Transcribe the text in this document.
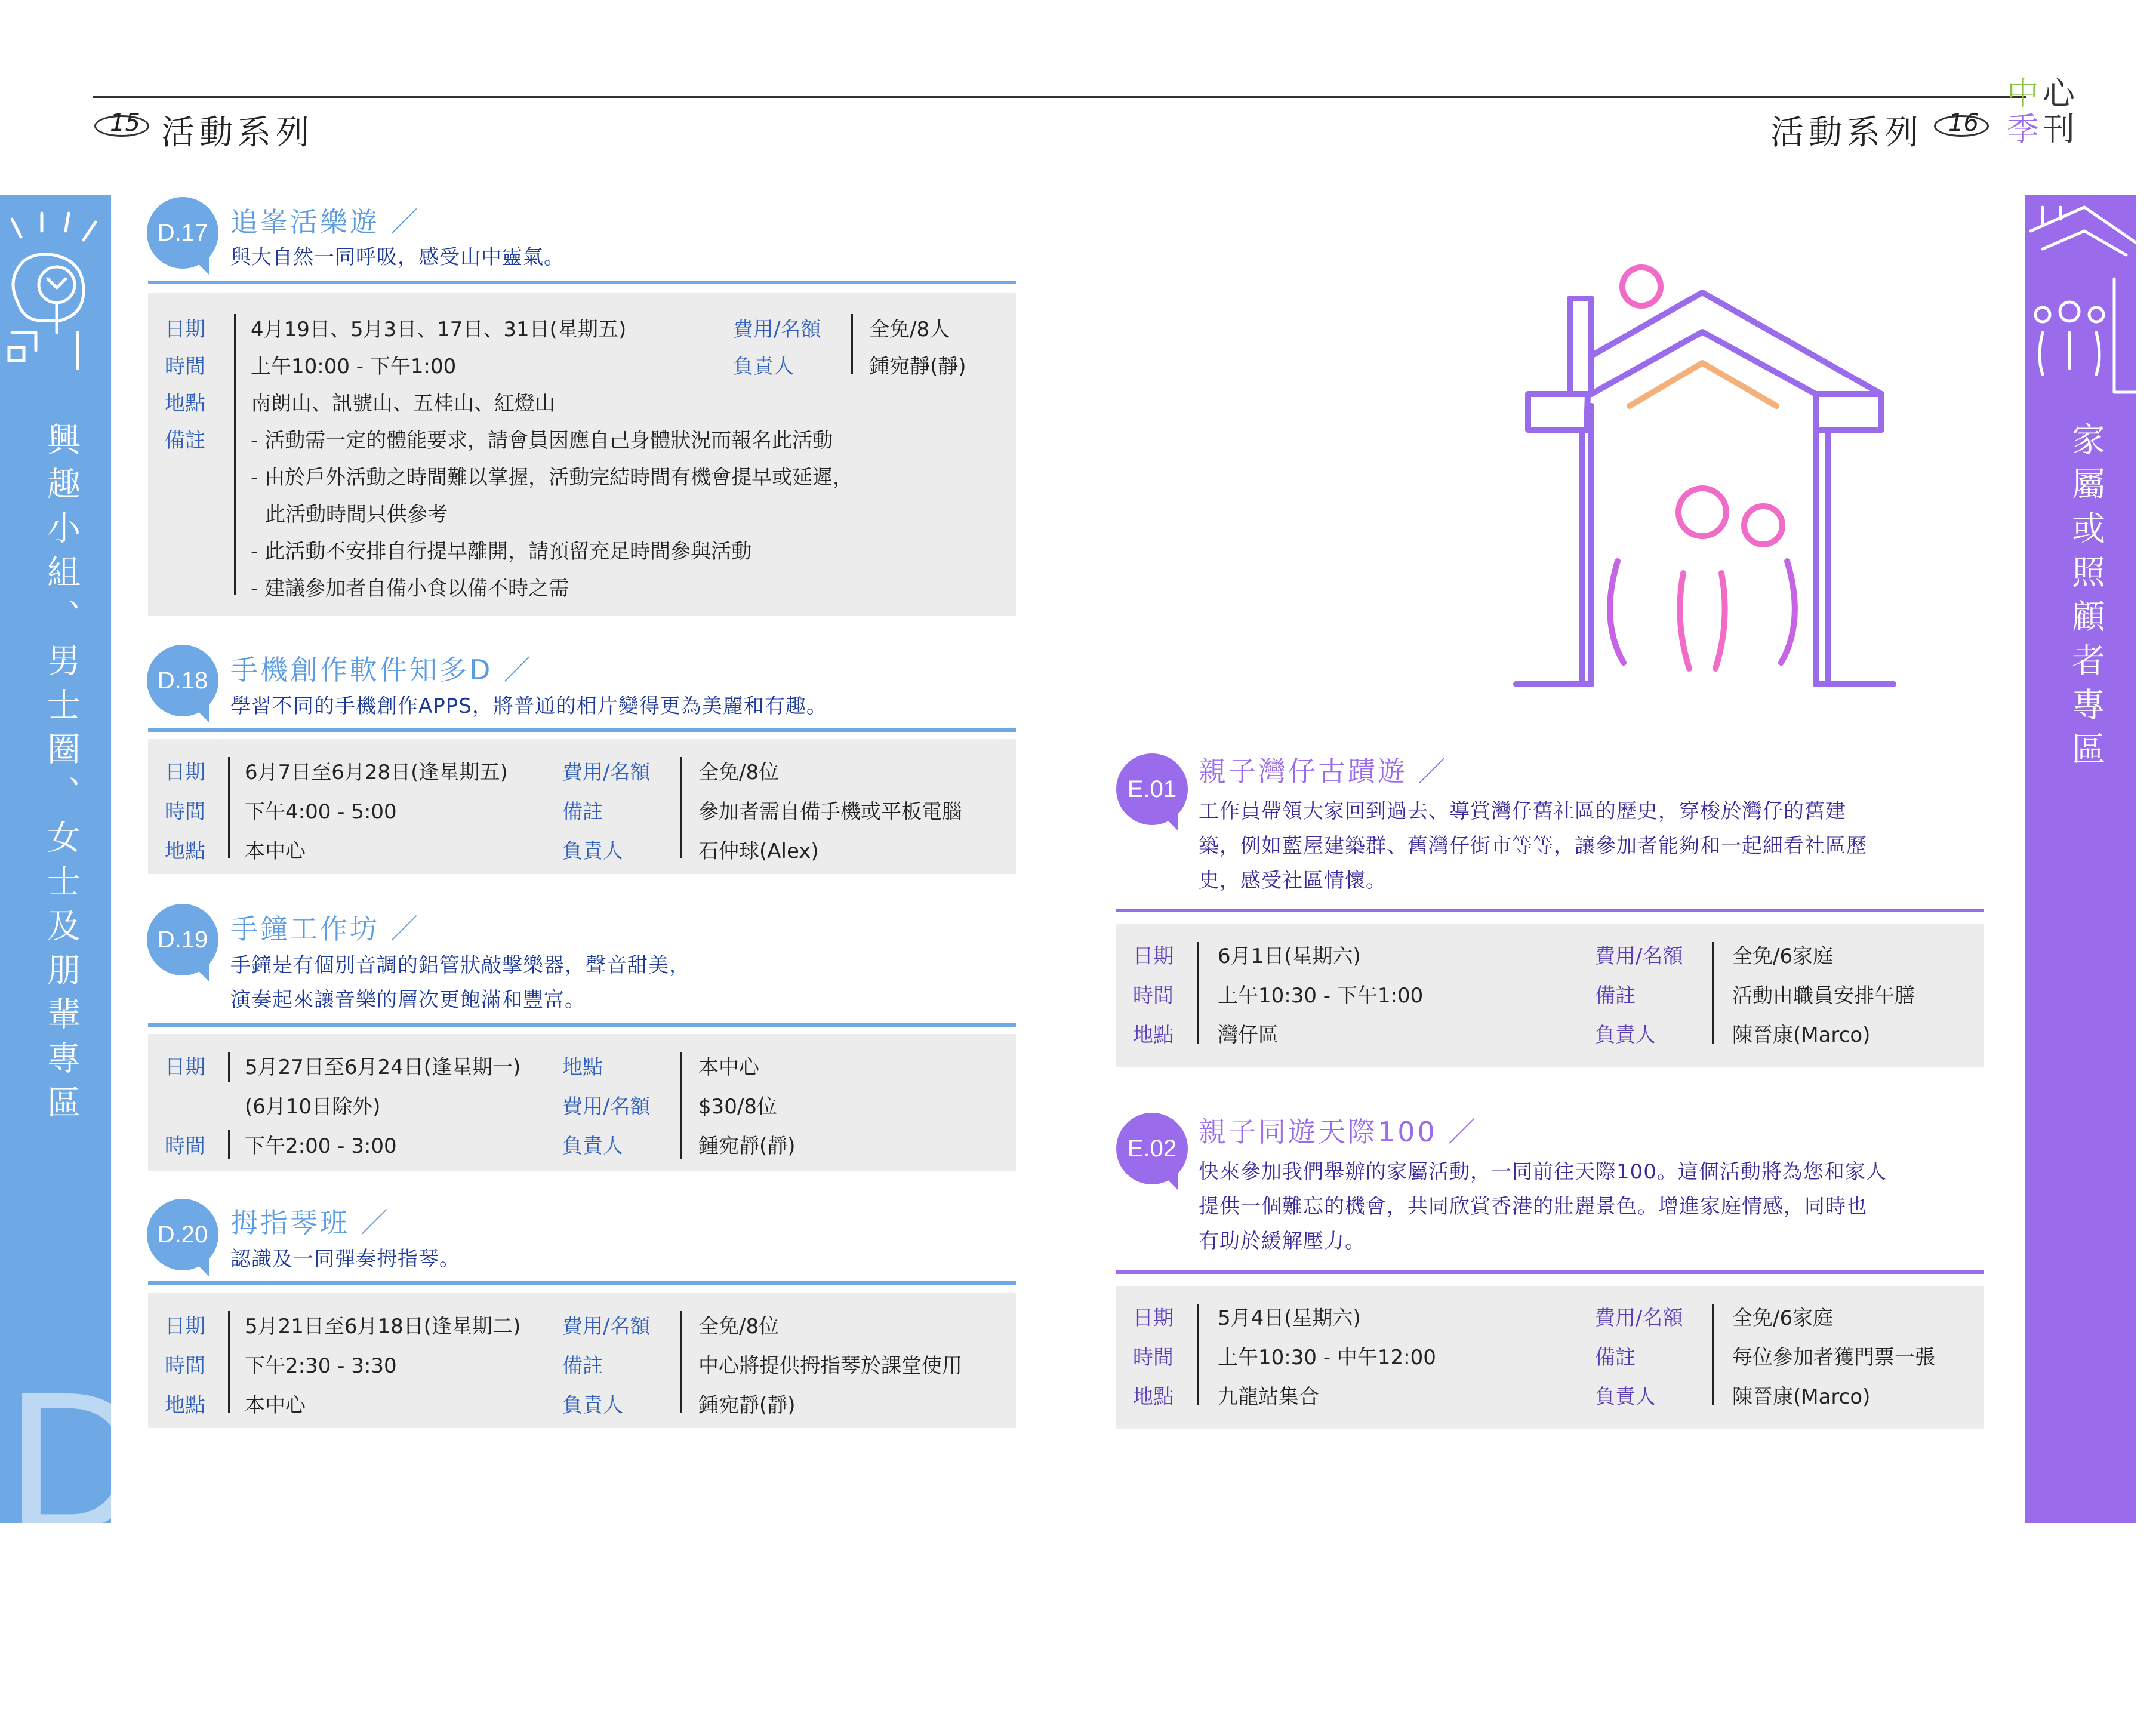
15 活動系列	活動系列 16
中 心
季 刊
興趣小組、男士圈、女士及朋輩專區
D
家屬或照顧者專區
E
D.17 追峯活樂遊 ／
與大自然一同呼吸，感受山中靈氣。
日期
時間
地點
備註
4月19日、5月3日、17日、31日(星期五)
上午10:00 - 下午1:00
南朗山、訊號山、五桂山、紅燈山
- 活動需一定的體能要求，請會員因應自己身體狀況而報名此活動
- 由於戶外活動之時間難以掌握，活動完結時間有機會提早或延遲，
此活動時間只供參考
- 此活動不安排自行提早離開，請預留充足時間參與活動
- 建議參加者自備小食以備不時之需
費用/名額
負責人
全免/8人
鍾宛靜(靜)
D.18 手機創作軟件知多D ／
學習不同的手機創作APPS，將普通的相片變得更為美麗和有趣。
日期
時間
地點
6月7日至6月28日(逢星期五)
下午4:00 - 5:00
本中心
費用/名額
備註
負責人
全免/8位
參加者需自備手機或平板電腦
石仲球(Alex)
D.19 手鐘工作坊 ／
手鐘是有個別音調的鋁管狀敲擊樂器，聲音甜美，
演奏起來讓音樂的層次更飽滿和豐富。
日期
時間
5月27日至6月24日(逢星期一)
(6月10日除外)
下午2:00 - 3:00
地點
費用/名額
負責人
本中心
$30/8位
鍾宛靜(靜)
D.20 拇指琴班 ／
認識及一同彈奏拇指琴。
日期
時間
地點
5月21日至6月18日(逢星期二)
下午2:30 - 3:30
本中心
費用/名額
備註
負責人
全免/8位
中心將提供拇指琴於課堂使用
鍾宛靜(靜)
E.01
親子灣仔古蹟遊 ／
工作員帶領大家回到過去、導賞灣仔舊社區的歷史，穿梭於灣仔的舊建
築，例如藍屋建築群、舊灣仔街市等等，讓參加者能夠和一起細看社區歷
史，感受社區情懷。
日期
時間
地點
6月1日(星期六)
上午10:30 - 下午1:00
灣仔區
費用/名額
備註
負責人
全免/6家庭
活動由職員安排午膳
陳晉康(Marco)
E.02
親子同遊天際100 ／
快來參加我們舉辦的家屬活動，一同前往天際100。這個活動將為您和家人
提供一個難忘的機會，共同欣賞香港的壯麗景色。增進家庭情感，同時也
有助於緩解壓力。
日期
時間
地點
5月4日(星期六)
上午10:30 - 中午12:00
九龍站集合
費用/名額
備註
負責人
全免/6家庭
每位參加者獲門票一張
陳晉康(Marco)
